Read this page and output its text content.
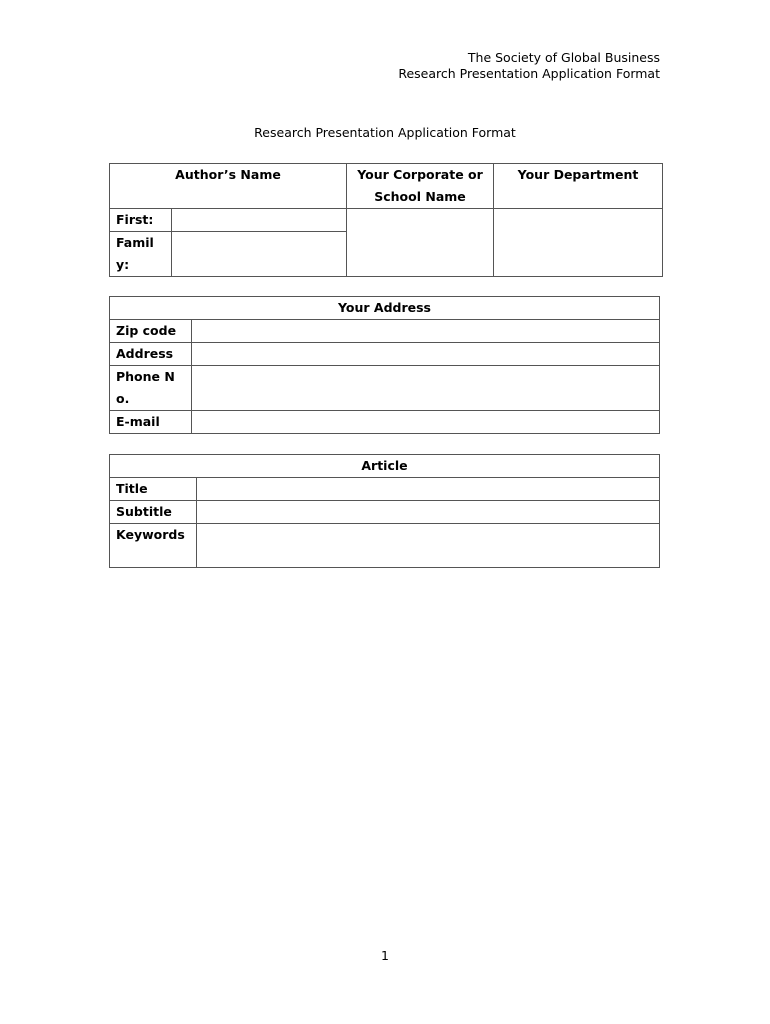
The Society of Global Business
Research Presentation Application Format
Research Presentation Application Format
Author’s Name		Your Corporate or School Name	Your Department
First:			
Family:			
Your Address	
Zip code	
Address	
Phone No.	
E-mail	
Article	
Title	
Subtitle	
Keywords	
1
